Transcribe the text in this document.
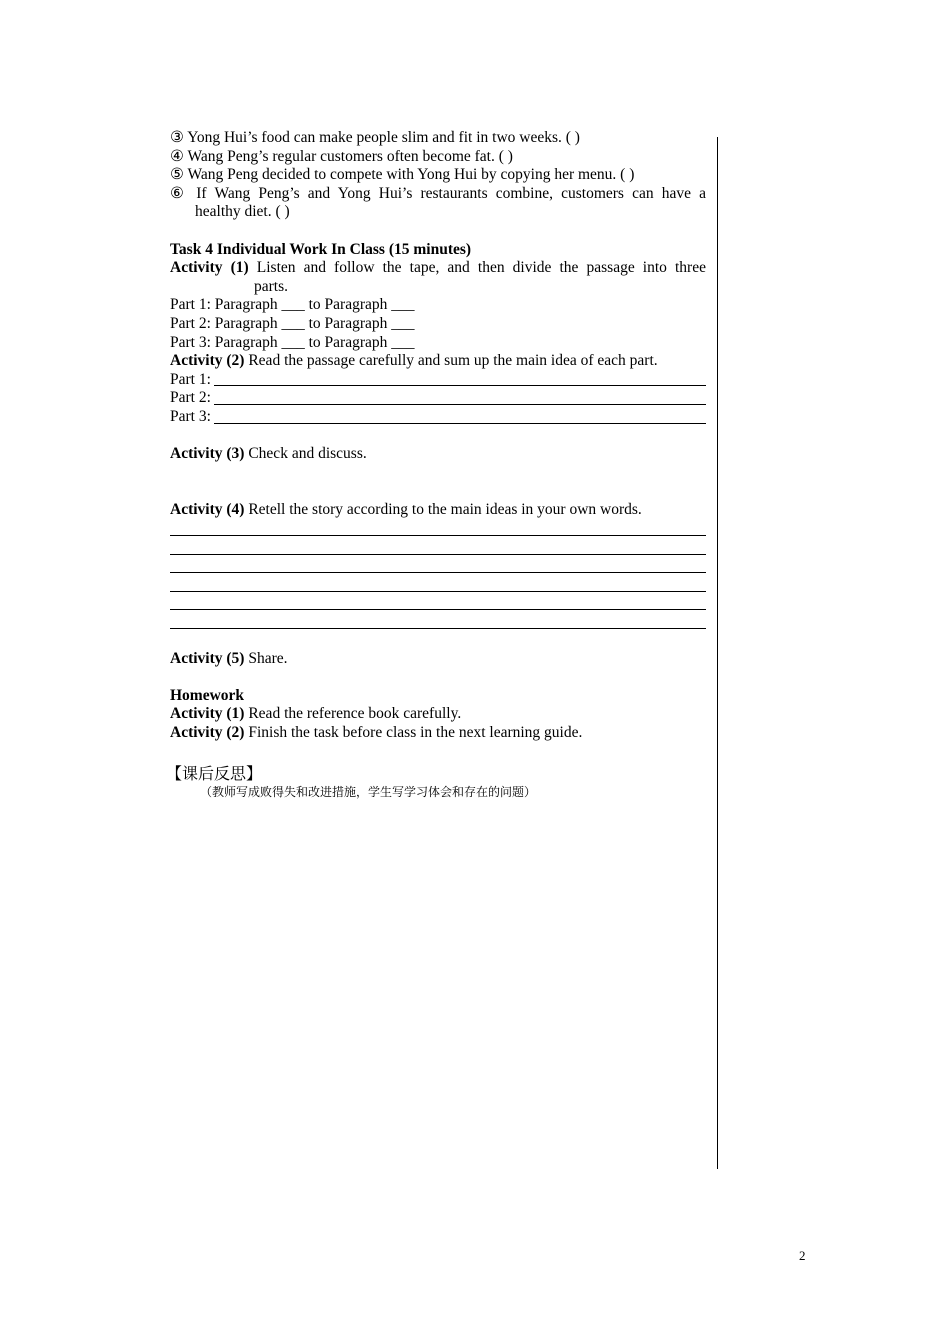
③ Yong Hui’s food can make people slim and fit in two weeks. ( )
④ Wang Peng’s regular customers often become fat. ( )
⑤ Wang Peng decided to compete with Yong Hui by copying her menu. ( )
⑥ If Wang Peng’s and Yong Hui’s restaurants combine, customers can have a
healthy diet. ( )
Task 4 Individual Work In Class (15 minutes)
Activity (1) Listen and follow the tape, and then divide the passage into three
parts.
Part 1: Paragraph ___ to Paragraph ___
Part 2: Paragraph ___ to Paragraph ___
Part 3: Paragraph ___ to Paragraph ___
Activity (2) Read the passage carefully and sum up the main idea of each part.
Part 1:
Part 2:
Part 3:
Activity (3) Check and discuss.
Activity (4) Retell the story according to the main ideas in your own words.
Activity (5) Share.
Homework
Activity (1) Read the reference book carefully.
Activity (2) Finish the task before class in the next learning guide.
【课后反思】
（教师写成败得失和改进措施，学生写学习体会和存在的问题）
2
